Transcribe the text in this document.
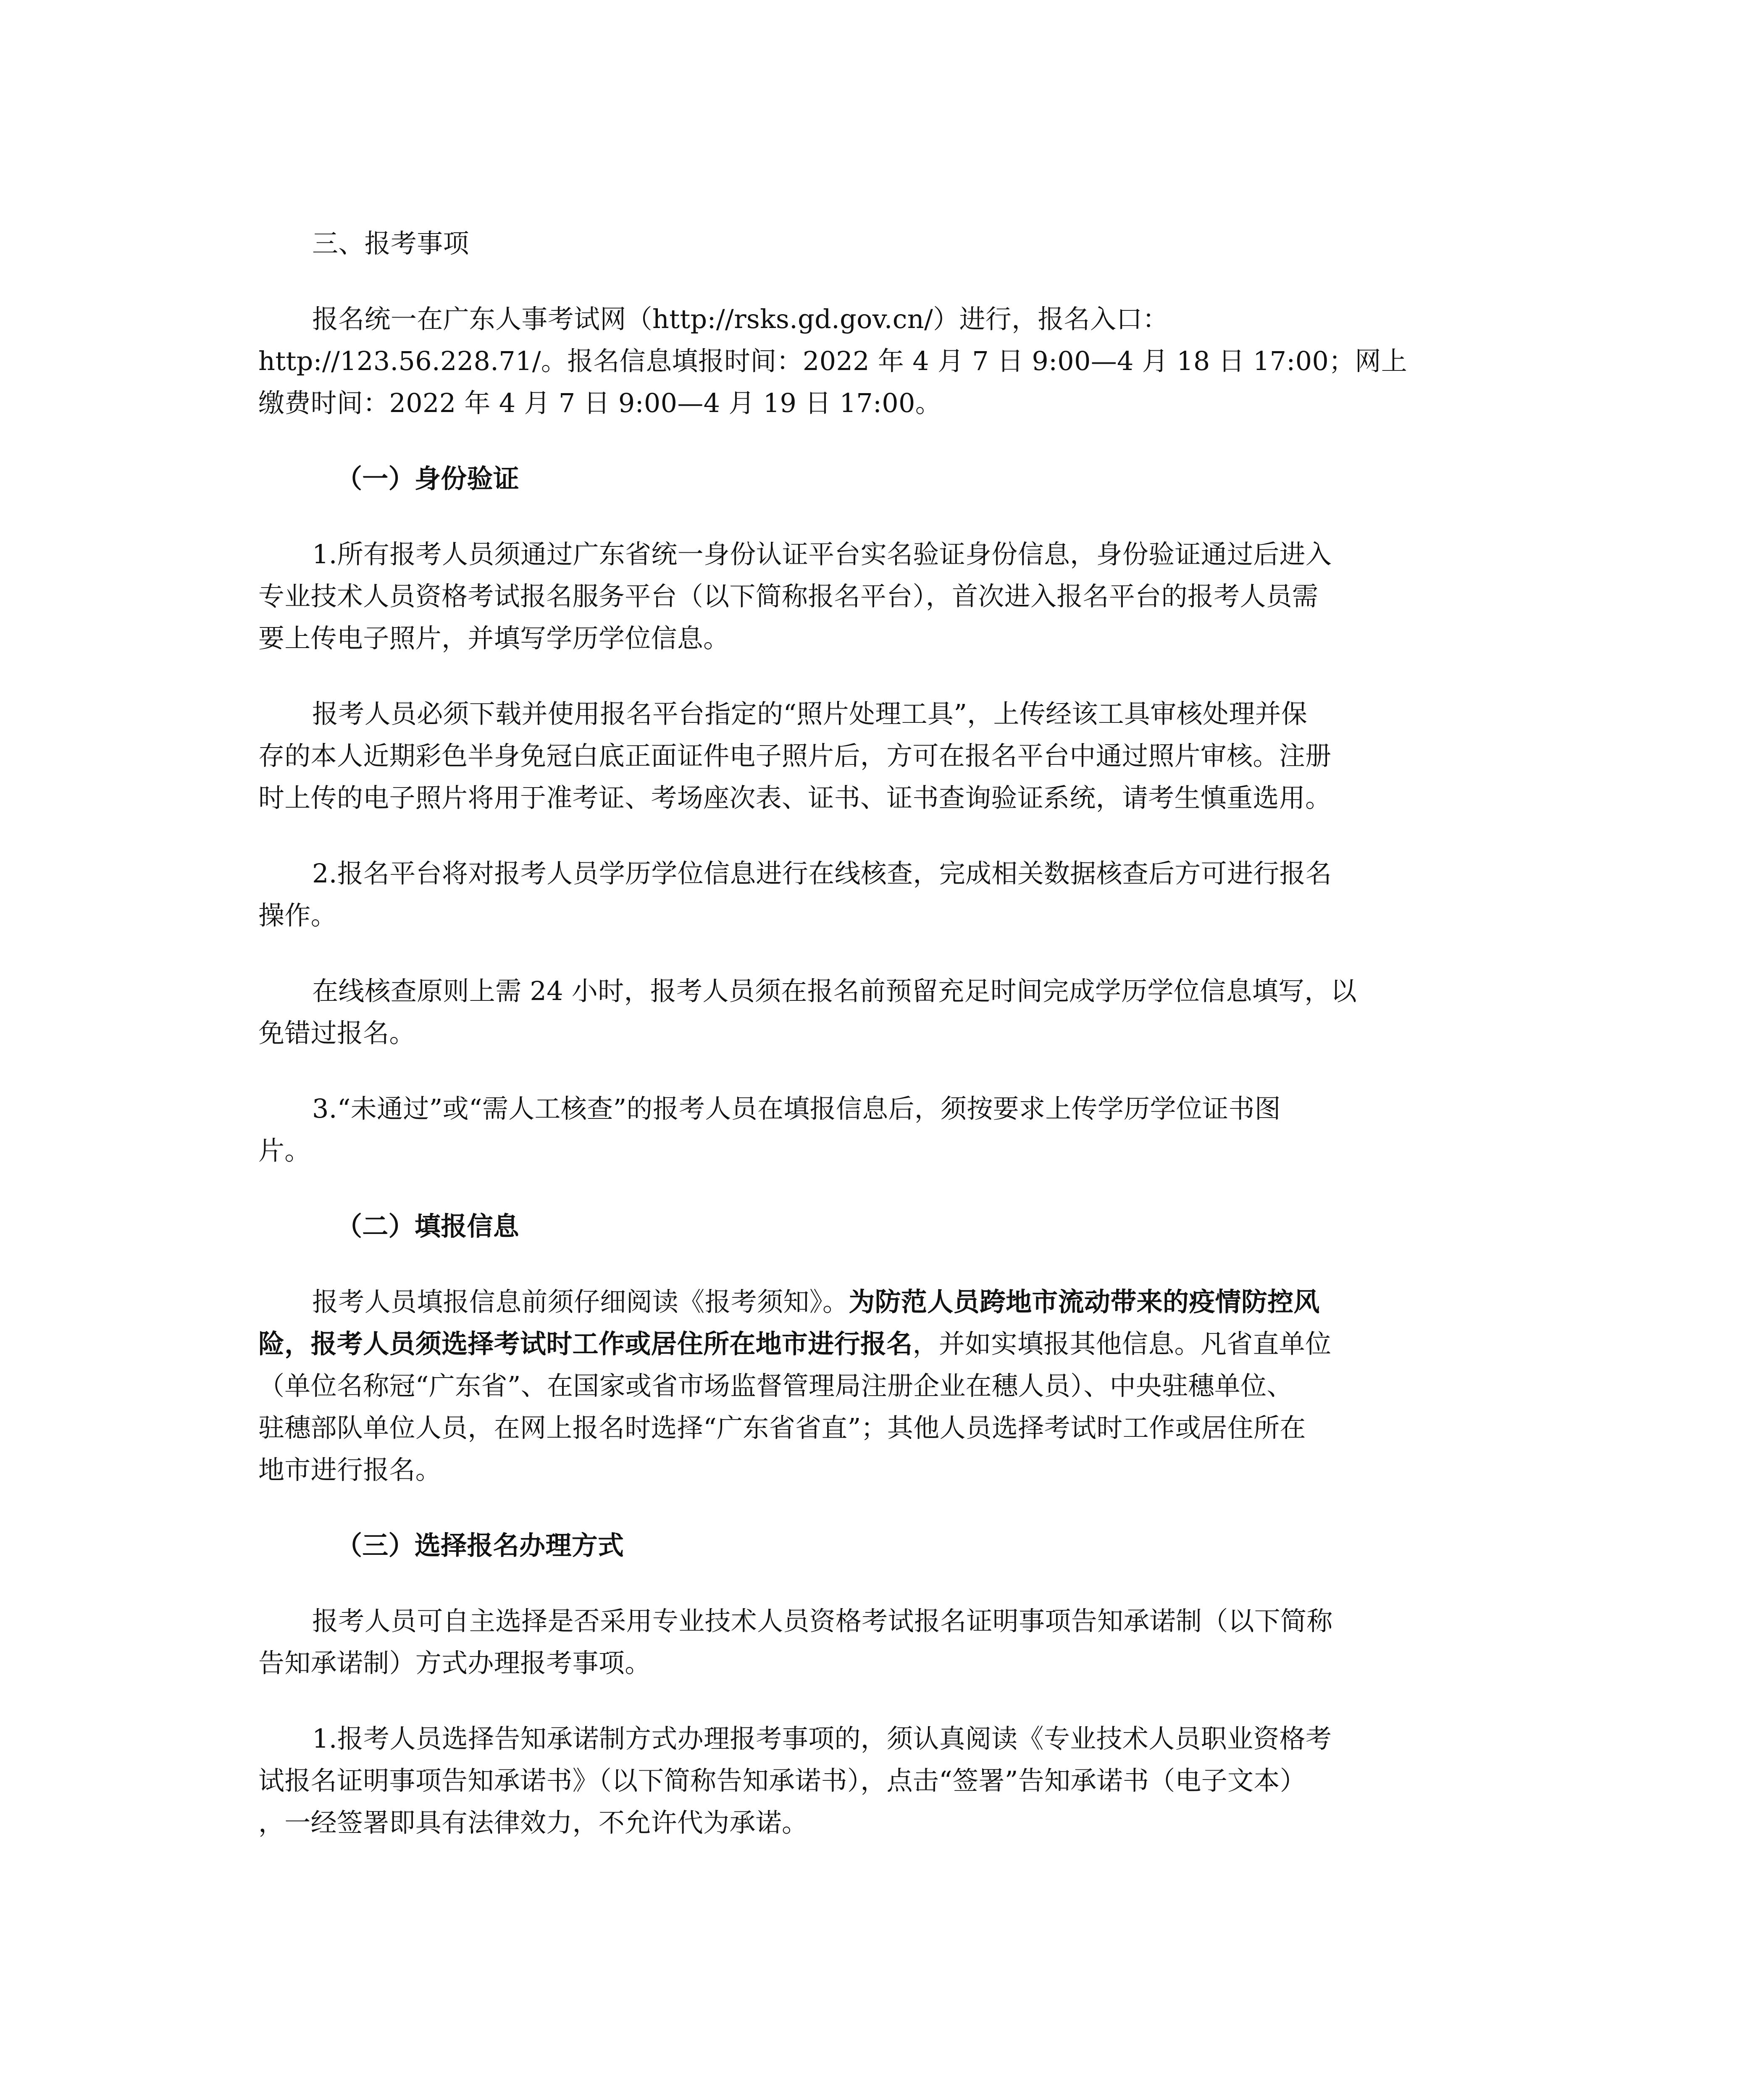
三、报考事项
报名统一在广东人事考试网（http://rsks.gd.gov.cn/）进行，报名入口：
http://123.56.228.71/。报名信息填报时间：2022 年 4 月 7 日 9:00—4 月 18 日 17:00；网上
缴费时间：2022 年 4 月 7 日 9:00—4 月 19 日 17:00。
（一）身份验证
1.所有报考人员须通过广东省统一身份认证平台实名验证身份信息，身份验证通过后进入
专业技术人员资格考试报名服务平台（以下简称报名平台），首次进入报名平台的报考人员需
要上传电子照片，并填写学历学位信息。
报考人员必须下载并使用报名平台指定的“照片处理工具”，上传经该工具审核处理并保
存的本人近期彩色半身免冠白底正面证件电子照片后，方可在报名平台中通过照片审核。注册
时上传的电子照片将用于准考证、考场座次表、证书、证书查询验证系统，请考生慎重选用。
2.报名平台将对报考人员学历学位信息进行在线核查，完成相关数据核查后方可进行报名
操作。
在线核查原则上需 24 小时，报考人员须在报名前预留充足时间完成学历学位信息填写，以
免错过报名。
3.“未通过”或“需人工核查”的报考人员在填报信息后，须按要求上传学历学位证书图
片。
（二）填报信息
报考人员填报信息前须仔细阅读《报考须知》。为防范人员跨地市流动带来的疫情防控风
险，报考人员须选择考试时工作或居住所在地市进行报名，并如实填报其他信息。凡省直单位
（单位名称冠“广东省”、在国家或省市场监督管理局注册企业在穗人员）、中央驻穗单位、
驻穗部队单位人员，在网上报名时选择“广东省省直”；其他人员选择考试时工作或居住所在
地市进行报名。
（三）选择报名办理方式
报考人员可自主选择是否采用专业技术人员资格考试报名证明事项告知承诺制（以下简称
告知承诺制）方式办理报考事项。
1.报考人员选择告知承诺制方式办理报考事项的，须认真阅读《专业技术人员职业资格考
试报名证明事项告知承诺书》（以下简称告知承诺书），点击“签署”告知承诺书（电子文本）
，一经签署即具有法律效力，不允许代为承诺。
